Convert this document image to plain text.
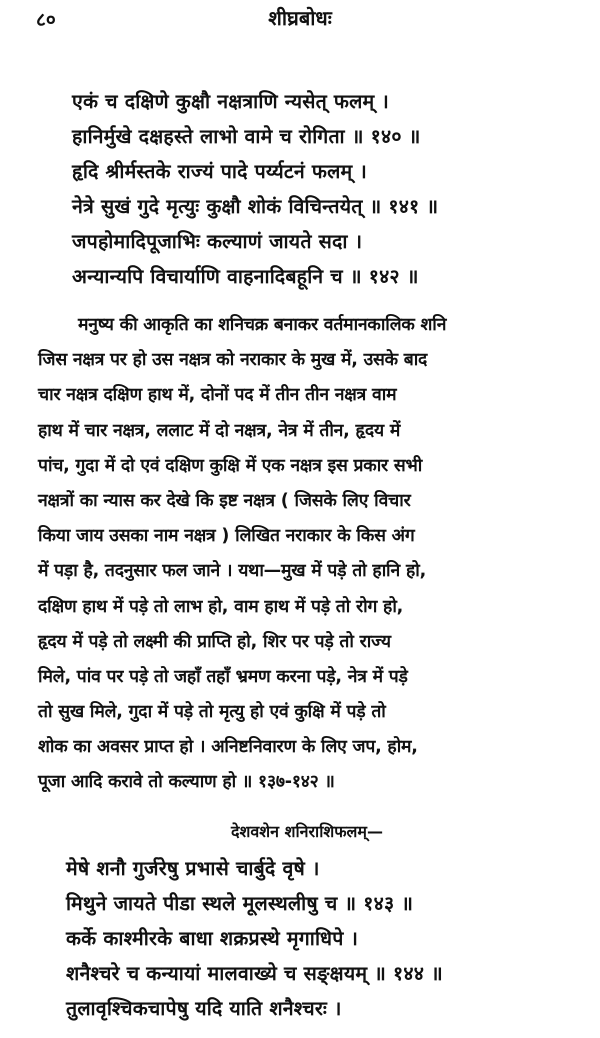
८०	शीघ्रबोधः
एकं च दक्षिणे कुक्षौ नक्षत्राणि न्यसेत् फलम् ।
हानिर्मुखे दक्षहस्ते लाभो वामे च रोगिता ॥ १४० ॥
हृदि श्रीर्मस्तके राज्यं पादे पर्य्यटनं फलम् ।
नेत्रे सुखं गुदे मृत्युः कुक्षौ शोकं विचिन्तयेत् ॥ १४१ ॥
जपहोमादिपूजाभिः कल्याणं जायते सदा ।
अन्यान्यपि विचार्याणि वाहनादिबहूनि च ॥ १४२ ॥
मनुष्य की आकृति का शनिचक्र बनाकर वर्तमानकालिक शनि
जिस नक्षत्र पर हो उस नक्षत्र को नराकार के मुख में, उसके बाद
चार नक्षत्र दक्षिण हाथ में, दोनों पद में तीन तीन नक्षत्र वाम
हाथ में चार नक्षत्र, ललाट में दो नक्षत्र, नेत्र में तीन, हृदय में
पांच, गुदा में दो एवं दक्षिण कुक्षि में एक नक्षत्र इस प्रकार सभी
नक्षत्रों का न्यास कर देखे कि इष्ट नक्षत्र ( जिसके लिए विचार
किया जाय उसका नाम नक्षत्र ) लिखित नराकार के किस अंग
में पड़ा है, तदनुसार फल जाने । यथा—मुख में पड़े तो हानि हो,
दक्षिण हाथ में पड़े तो लाभ हो, वाम हाथ में पड़े तो रोग हो,
हृदय में पड़े तो लक्ष्मी की प्राप्ति हो, शिर पर पड़े तो राज्य
मिले, पांव पर पड़े तो जहाँ तहाँ भ्रमण करना पड़े, नेत्र में पड़े
तो सुख मिले, गुदा में पड़े तो मृत्यु हो एवं कुक्षि में पड़े तो
शोक का अवसर प्राप्त हो । अनिष्टनिवारण के लिए जप, होम,
पूजा आदि करावे तो कल्याण हो ॥ १३७-१४२ ॥
देशवशेन शनिराशिफलम्—
मेषे शनौ गुर्जरेषु प्रभासे चार्बुदे वृषे ।
मिथुने जायते पीडा स्थले मूलस्थलीषु च ॥ १४३ ॥
कर्के काश्मीरके बाधा शक्रप्रस्थे मृगाधिपे ।
शनैश्चरे च कन्यायां मालवाख्ये च सङ्क्षयम् ॥ १४४ ॥
तुलावृश्चिकचापेषु यदि याति शनैश्चरः ।
